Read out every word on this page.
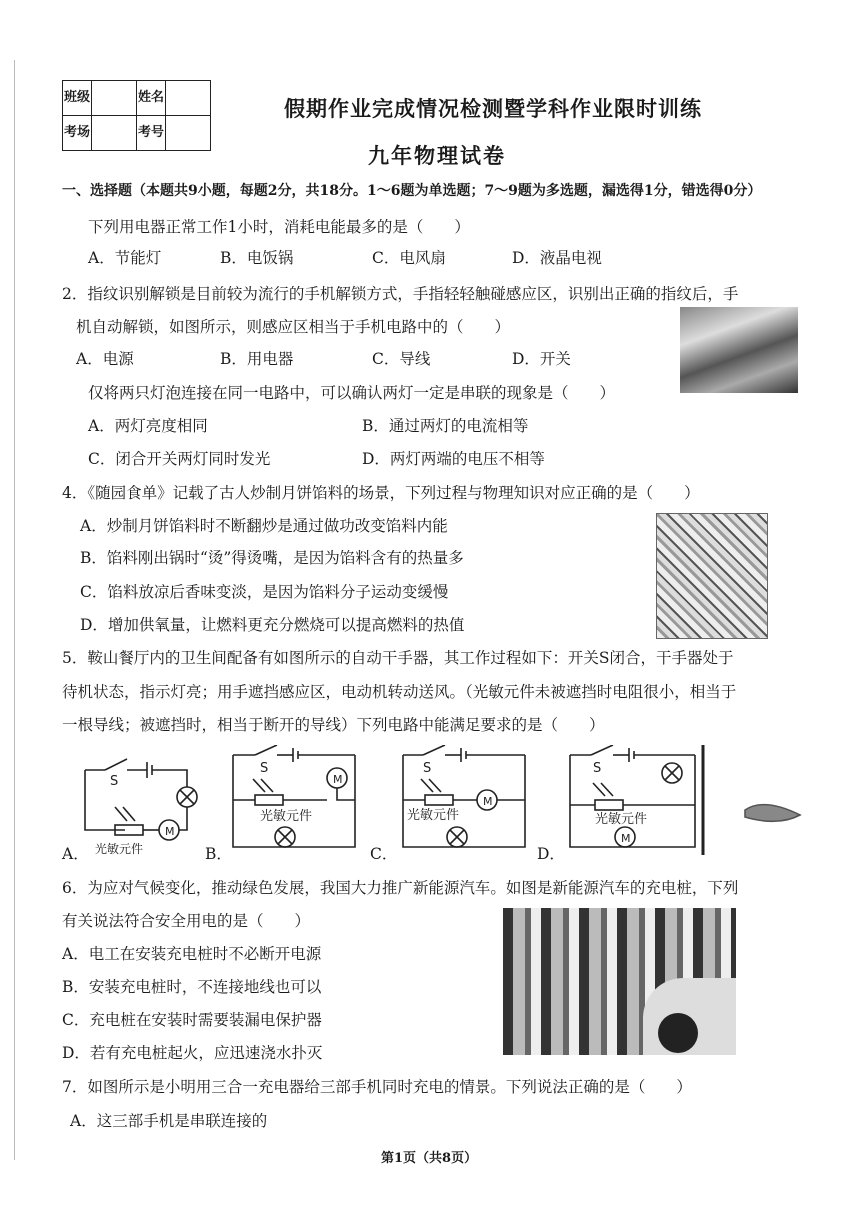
班级		姓名	
考场		考号	
假期作业完成情况检测暨学科作业限时训练
九年物理试卷
一、选择题（本题共9小题，每题2分，共18分。1～6题为单选题；7～9题为多选题，漏选得1分，错选得0分）
下列用电器正常工作1小时，消耗电能最多的是（　　）
A．节能灯	B．电饭锅	C．电风扇	D．液晶电视
2．指纹识别解锁是目前较为流行的手机解锁方式，手指轻轻触碰感应区，识别出正确的指纹后，手
机自动解锁，如图所示，则感应区相当于手机电路中的（　　）
A．电源	B．用电器	C．导线	D．开关
仅将两只灯泡连接在同一电路中，可以确认两灯一定是串联的现象是（　　）
A．两灯亮度相同	B．通过两灯的电流相等
C．闭合开关两灯同时发光	D．两灯两端的电压不相等
4．《随园食单》记载了古人炒制月饼馅料的场景，下列过程与物理知识对应正确的是（　　）
A．炒制月饼馅料时不断翻炒是通过做功改变馅料内能
B．馅料刚出锅时“烫”得烫嘴，是因为馅料含有的热量多
C．馅料放凉后香味变淡，是因为馅料分子运动变缓慢
D．增加供氧量，让燃料更充分燃烧可以提高燃料的热值
5．鞍山餐厅内的卫生间配备有如图所示的自动干手器，其工作过程如下：开关S闭合，干手器处于
待机状态，指示灯亮；用手遮挡感应区，电动机转动送风。（光敏元件未被遮挡时电阻很小，相当于
一根导线；被遮挡时，相当于断开的导线）下列电路中能满足要求的是（　　）
S
M
光敏元件
S
M
光敏元件
S
M
光敏元件
S
M
光敏元件
A．	B．	C．	D．
6．为应对气候变化，推动绿色发展，我国大力推广新能源汽车。如图是新能源汽车的充电桩，下列
有关说法符合安全用电的是（　　）
A．电工在安装充电桩时不必断开电源
B．安装充电桩时，不连接地线也可以
C．充电桩在安装时需要装漏电保护器
D．若有充电桩起火，应迅速浇水扑灭
7．如图所示是小明用三合一充电器给三部手机同时充电的情景。下列说法正确的是（　　）
A．这三部手机是串联连接的
第1页（共8页）
